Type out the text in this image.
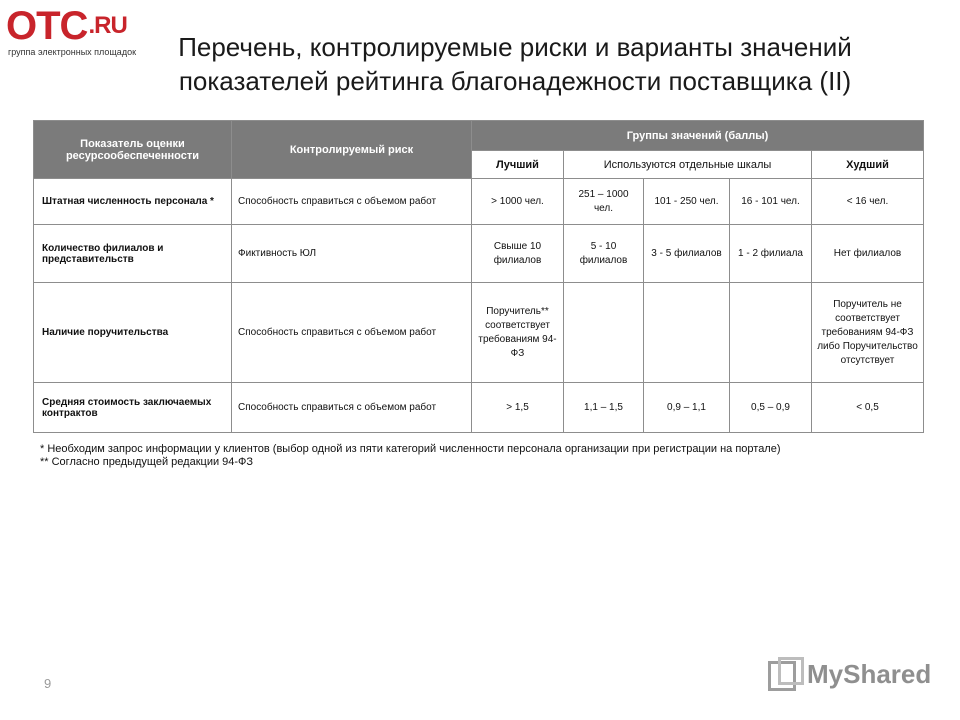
$OTC^{.RU}$
группа электронных площадок	Перечень, контролируемые риски и варианты значений
показателей рейтинга благонадежности поставщика (II)
Показатель оценки ресурсообеспеченности	Контролируемый риск	Группы значений (баллы)				
		Лучший	Используются отдельные шкалы			Худший
Штатная численность персонала *	Способность справиться с объемом работ	> 1000 чел.	251 – 1000 чел.	101 - 250 чел.	16 - 101 чел.	< 16 чел.
Количество филиалов и представительств	Фиктивность ЮЛ	Свыше 10 филиалов	5 - 10 филиалов	3 - 5 филиалов	1 - 2 филиала	Нет филиалов
Наличие поручительства	Способность справиться с объемом работ	Поручитель** соответствует требованиям 94-ФЗ				Поручитель не соответствует требованиям 94-ФЗ либо Поручительство отсутствует
Средняя стоимость заключаемых контрактов	Способность справиться с объемом работ	> 1,5	1,1 – 1,5	0,9 – 1,1	0,5 – 0,9	< 0,5
* Необходим запрос информации у клиентов (выбор одной из пяти категорий численности персонала организации при регистрации на портале)
** Согласно предыдущей редакции 94-ФЗ
9	MyShared
